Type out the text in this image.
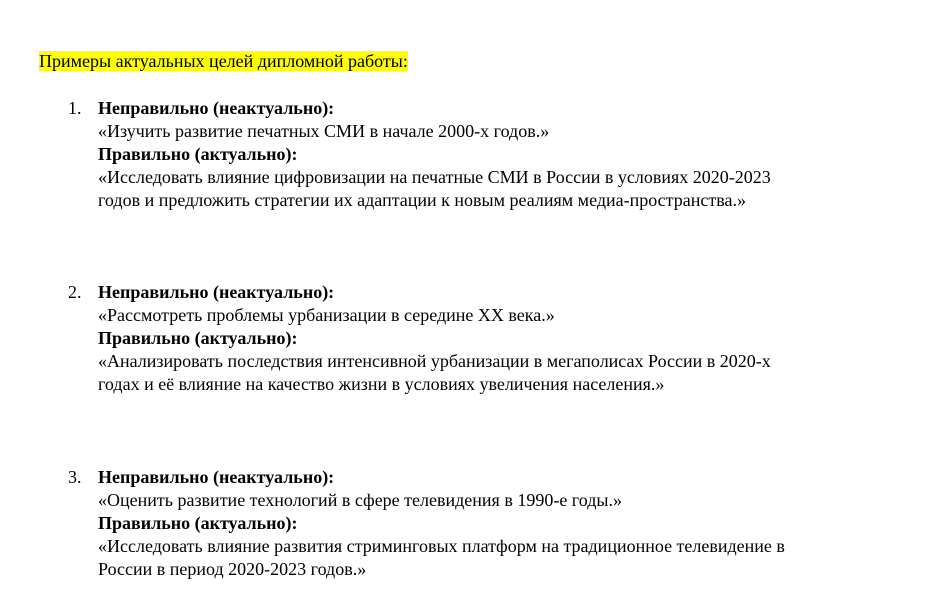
Примеры актуальных целей дипломной работы:
1. Неправильно (неактуально):

«Изучить развитие печатных СМИ в начале 2000-х годов.»

Правильно (актуально):

«Исследовать влияние цифровизации на печатные СМИ в России в условиях 2020-2023

годов и предложить стратегии их адаптации к новым реалиям медиа-пространства.»

2. Неправильно (неактуально):

«Рассмотреть проблемы урбанизации в середине XX века.»

Правильно (актуально):

«Анализировать последствия интенсивной урбанизации в мегаполисах России в 2020-х

годах и её влияние на качество жизни в условиях увеличения населения.»

3. Неправильно (неактуально):

«Оценить развитие технологий в сфере телевидения в 1990-е годы.»

Правильно (актуально):

«Исследовать влияние развития стриминговых платформ на традиционное телевидение в

России в период 2020-2023 годов.»
